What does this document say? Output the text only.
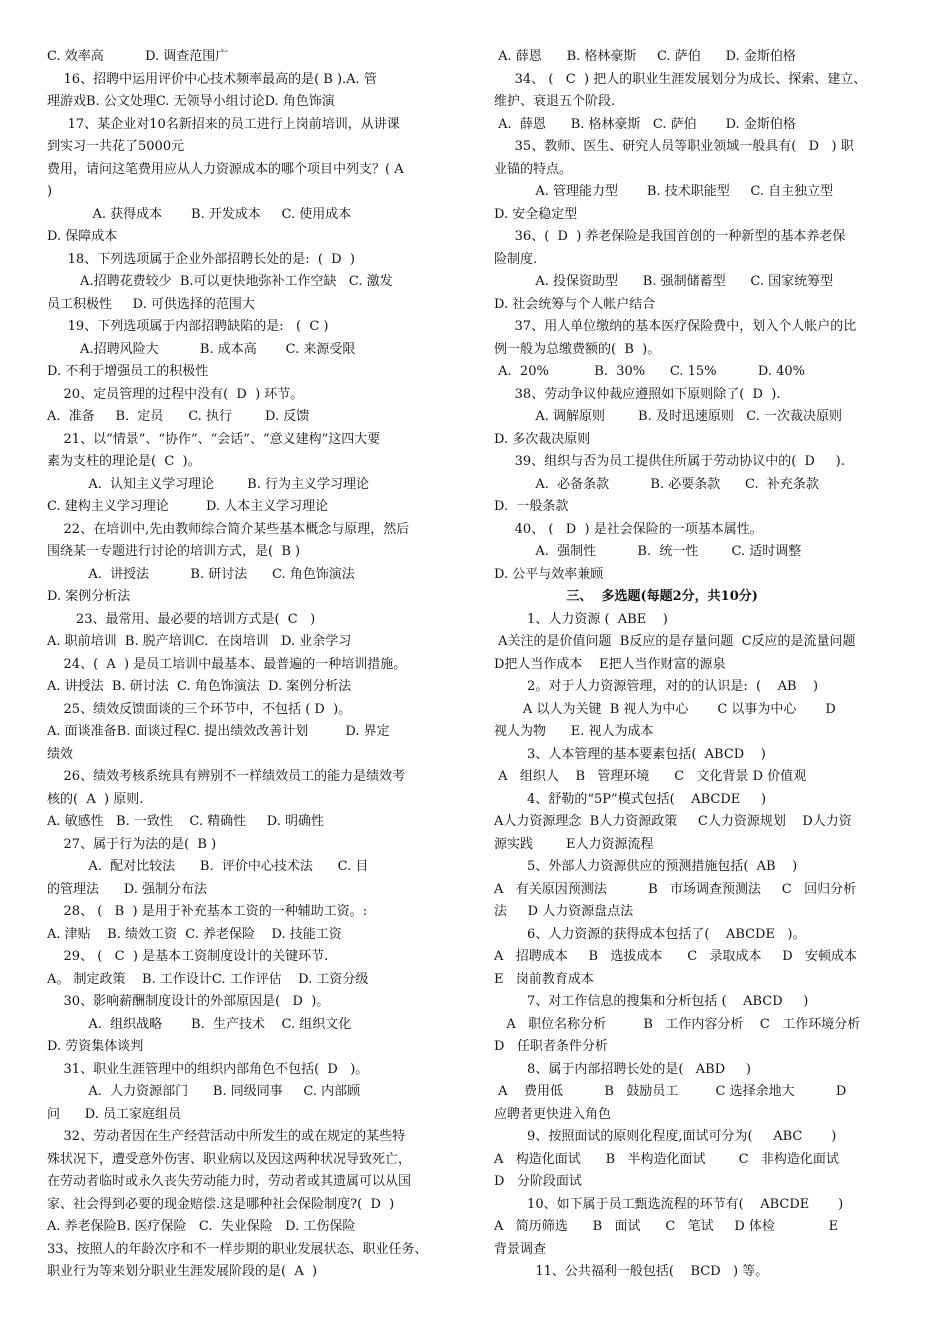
C. 效率高          D. 调查范围广
16、招聘中运用评价中心技术频率最高的是( B ).A. 管
理游戏B. 公文处理C. 无领导小组讨论D. 角色饰演
17、某企业对10名新招来的员工进行上岗前培训，从讲课
到实习一共花了5000元
费用，请问这笔费用应从人力资源成本的哪个项目中列支？( A
)
A. 获得成本       B. 开发成本     C. 使用成本
D. 保障成本
18、下列选项属于企业外部招聘长处的是:  (  D  )
A.招聘花费较少  B.可以更快地弥补工作空缺   C. 激发
员工积极性     D. 可供选择的范围大
19、下列选项属于内部招聘缺陷的是:   (  C )
A.招聘风险大          B. 成本高       C. 来源受限
D. 不利于增强员工的积极性
20、定员管理的过程中没有(  D  ) 环节。
A.  准备     B.  定员      C. 执行        D. 反馈
21、以“情景”、“协作”、“会话”、“意义建构”这四大要
素为支柱的理论是(  C  )。
A.  认知主义学习理论        B. 行为主义学习理论
C. 建构主义学习理论         D. 人本主义学习理论
22、在培训中,先由教师综合简介某些基本概念与原理，然后
围绕某一专题进行讨论的培训方式，是(  B )
A.  讲授法          B. 研讨法      C. 角色饰演法
D. 案例分析法
23、最常用、最必要的培训方式是(  C   )
A. 职前培训  B. 脱产培训C.  在岗培训   D. 业余学习
24、(  A  ) 是员工培训中最基本、最普遍的一种培训措施。
A. 讲授法  B. 研讨法  C. 角色饰演法  D. 案例分析法
25、绩效反馈面谈的三个环节中，不包括 ( D  )。
A. 面谈准备B. 面谈过程C. 提出绩效改善计划         D. 界定
绩效
26、绩效考核系统具有辨别不一样绩效员工的能力是绩效考
核的(  A  ) 原则.
A. 敏感性   B. 一致性    C. 精确性     D. 明确性
27、属于行为法的是(  B )
A.  配对比较法      B.  评价中心技术法      C. 目
的管理法      D. 强制分布法
28、 (   B  ) 是用于补充基本工资的一种辅助工资。:
A. 津贴    B. 绩效工资  C. 养老保险    D. 技能工资
29、 (   C  ) 是基本工资制度设计的关键环节.
A。 制定政策    B. 工作设计C. 工作评估    D. 工资分级
30、影响薪酬制度设计的外部原因是(   D  )。
A.  组织战略       B.  生产技术    C. 组织文化
D. 劳资集体谈判
31、职业生涯管理中的组织内部角色不包括(  D   )。
A.  人力资源部门      B. 同级同事     C. 内部顾
问      D. 员工家庭组员
32、劳动者因在生产经营活动中所发生的或在规定的某些特
殊状况下，遭受意外伤害、职业病以及因这两种状况导致死亡，
在劳动者临时或永久丧失劳动能力时，劳动者或其遗属可以从国
家、社会得到必要的现金赔偿.这是哪种社会保险制度?(  D  )
A. 养老保险B. 医疗保险   C.  失业保险   D. 工伤保险
33、按照人的年龄次序和不一样步期的职业发展状态、职业任务、
职业行为等来划分职业生涯发展阶段的是(  A  )
A. 薛恩      B. 格林豪斯     C. 萨伯      D. 金斯伯格
34、 (   C  ) 把人的职业生涯发展划分为成长、探索、建立、
维护、衰退五个阶段.
A.  薛恩      B. 格林豪斯   C. 萨伯       D. 金斯伯格
35、教师、医生、研究人员等职业领域一般具有(   D   ) 职
业锚的特点。
A. 管理能力型       B. 技术职能型     C. 自主独立型
D. 安全稳定型
36、(  D  ) 养老保险是我国首创的一种新型的基本养老保
险制度.
A. 投保资助型      B. 强制储蓄型      C. 国家统筹型
D. 社会统筹与个人帐户结合
37、用人单位缴纳的基本医疗保险费中，划入个人帐户的比
例一般为总缴费额的(  B  )。
A.  20%           B.  30%      C. 15%          D. 40%
38、劳动争议仲裁应遵照如下原则除了(  D  ).
A. 调解原则        B. 及时迅速原则   C. 一次裁决原则
D. 多次裁决原则
39、组织与否为员工提供住所属于劳动协议中的(  D     ).
A.  必备条款          B. 必要条款      C.  补充条款
D.  一般条款
40、 (   D  ) 是社会保险的一项基本属性。
A.  强制性          B.  统一性        C. 适时调整
D. 公平与效率兼顾
三、  多选题(每题2分，共10分)
1、人力资源 (  ABE    )
A关注的是价值问题  B反应的是存量问题  C反应的是流量问题
D把人当作成本    E把人当作财富的源泉
2。对于人力资源管理，对的的认识是:  (    AB    )
A 以人为关键  B 视人为中心       C 以事为中心       D
视人为物      E. 视人为成本
3、人本管理的基本要素包括(  ABCD    )
A   组织人    B   管理环境      C   文化背景 D 价值观
4、舒勒的“5P”模式包括(    ABCDE     )
A人力资源理念  B人力资源政策     C人力资源规划    D人力资
源实践        E人力资源流程
5、外部人力资源供应的预测措施包括(  AB    )
A   有关原因预测法          B   市场调查预测法     C   回归分析
法     D 人力资源盘点法
6、人力资源的获得成本包括了(    ABCDE   )。
A   招聘成本     B   选拔成本      C   录取成本     D   安顿成本
E   岗前教育成本
7、对工作信息的搜集和分析包括 (    ABCD     )
A   职位名称分析         B   工作内容分析    C   工作环境分析
D   任职者条件分析
8、属于内部招聘长处的是(   ABD     )
A    费用低          B   鼓励员工         C 选择余地大          D
应聘者更快进入角色
9、按照面试的原则化程度,面试可分为(     ABC       )
A   构造化面试      B   半构造化面试        C   非构造化面试
D   分阶段面试
10、如下属于员工甄选流程的环节有(    ABCDE       )
A   简历筛选      B   面试      C   笔试     D 体检             E
背景调查
11、公共福利一般包括(    BCD   ) 等。
